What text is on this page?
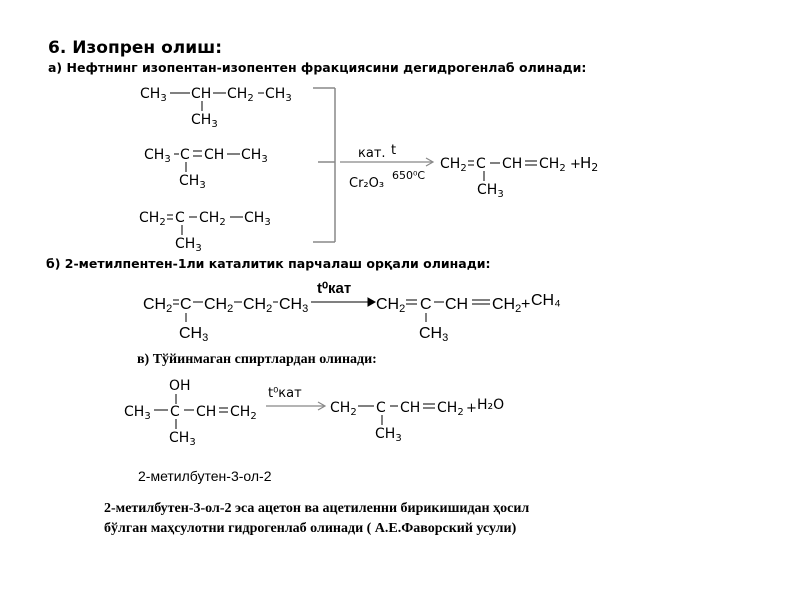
6. Изопрен олиш:
а) Нефтнинг изопентан-изопентен фракциясини дегидрогенлаб олинади:
б) 2-метилпентен-1ли каталитик парчалаш орқали олинади:
в) Тўйинмаган спиртлардан олинади:
2-метилбутен-3-ол-2
2-метилбутен-3-ол-2 эса ацетон ва ацетиленни бирикишидан ҳосил
бўлган маҳсулотни гидрогенлаб олинади ( А.Е.Фаворский усули)
$CH_3$ CH $CH_2$ $CH_3$
$CH_3$
$CH_3$ C CH $CH_3$
$CH_3$
$CH_2$ C $CH_2$ $CH_3$
$CH_3$
$CH_2$ C CH $CH_2 + H_2$
$CH_3$
кат. t
Cr₂O₃
650⁰C
CH2 C CH2 CH2 CH3
CH3
CH2 C CH CH2 +
CH3
t⁰кат
CH₄
OH
$CH_3$ C CH $CH_2$
$CH_3$
$CH_2$ C CH $CH_2$ +
$CH_3$
t⁰кат
H₂O
